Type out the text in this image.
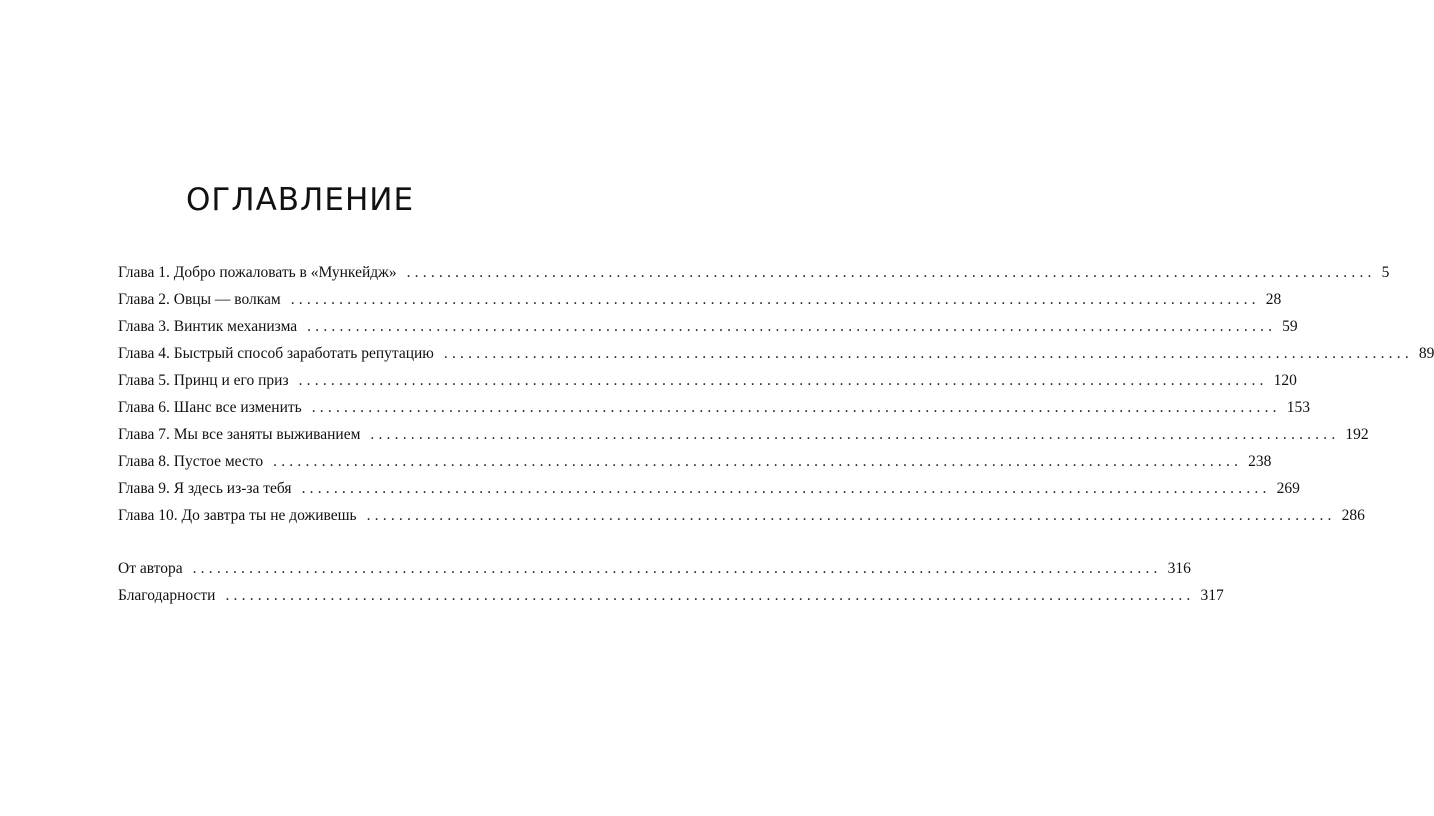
ОГЛАВЛЕНИЕ
Глава 1. Добро пожаловать в «Мункейдж» ........................................................................................................................ 5
Глава 2. Овцы — волкам ........................................................................................................................ 28
Глава 3. Винтик механизма ........................................................................................................................ 59
Глава 4. Быстрый способ заработать репутацию ........................................................................................................................ 89
Глава 5. Принц и его приз ........................................................................................................................ 120
Глава 6. Шанс все изменить ........................................................................................................................ 153
Глава 7. Мы все заняты выживанием ........................................................................................................................ 192
Глава 8. Пустое место ........................................................................................................................ 238
Глава 9. Я здесь из-за тебя ........................................................................................................................ 269
Глава 10. До завтра ты не доживешь ........................................................................................................................ 286
От автора ........................................................................................................................ 316
Благодарности ........................................................................................................................ 317
